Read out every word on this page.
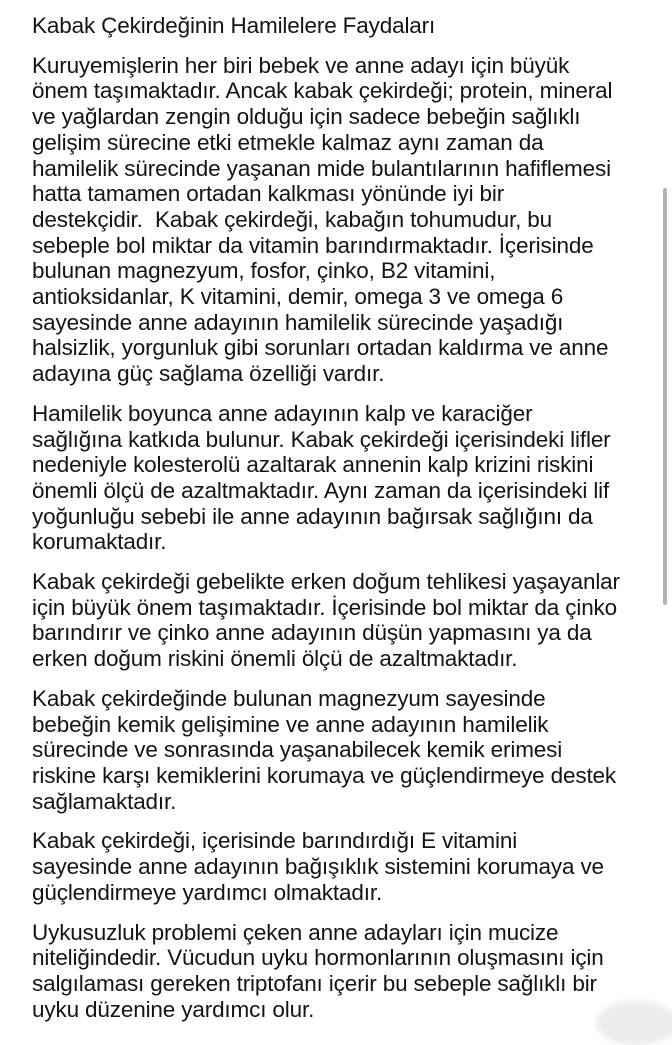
Kabak Çekirdeğinin Hamilelere Faydaları
Kuruyemişlerin her biri bebek ve anne adayı için büyük
önem taşımaktadır. Ancak kabak çekirdeği; protein, mineral
ve yağlardan zengin olduğu için sadece bebeğin sağlıklı
gelişim sürecine etki etmekle kalmaz aynı zaman da
hamilelik sürecinde yaşanan mide bulantılarının hafiflemesi
hatta tamamen ortadan kalkması yönünde iyi bir
destekçidir.  Kabak çekirdeği, kabağın tohumudur, bu
sebeple bol miktar da vitamin barındırmaktadır. İçerisinde
bulunan magnezyum, fosfor, çinko, B2 vitamini,
antioksidanlar, K vitamini, demir, omega 3 ve omega 6
sayesinde anne adayının hamilelik sürecinde yaşadığı
halsizlik, yorgunluk gibi sorunları ortadan kaldırma ve anne
adayına güç sağlama özelliği vardır.
Hamilelik boyunca anne adayının kalp ve karaciğer
sağlığına katkıda bulunur. Kabak çekirdeği içerisindeki lifler
nedeniyle kolesterolü azaltarak annenin kalp krizini riskini
önemli ölçü de azaltmaktadır. Aynı zaman da içerisindeki lif
yoğunluğu sebebi ile anne adayının bağırsak sağlığını da
korumaktadır.
Kabak çekirdeği gebelikte erken doğum tehlikesi yaşayanlar
için büyük önem taşımaktadır. İçerisinde bol miktar da çinko
barındırır ve çinko anne adayının düşün yapmasını ya da
erken doğum riskini önemli ölçü de azaltmaktadır.
Kabak çekirdeğinde bulunan magnezyum sayesinde
bebeğin kemik gelişimine ve anne adayının hamilelik
sürecinde ve sonrasında yaşanabilecek kemik erimesi
riskine karşı kemiklerini korumaya ve güçlendirmeye destek
sağlamaktadır.
Kabak çekirdeği, içerisinde barındırdığı E vitamini
sayesinde anne adayının bağışıklık sistemini korumaya ve
güçlendirmeye yardımcı olmaktadır.
Uykusuzluk problemi çeken anne adayları için mucize
niteliğindedir. Vücudun uyku hormonlarının oluşmasını için
salgılaması gereken triptofanı içerir bu sebeple sağlıklı bir
uyku düzenine yardımcı olur.
